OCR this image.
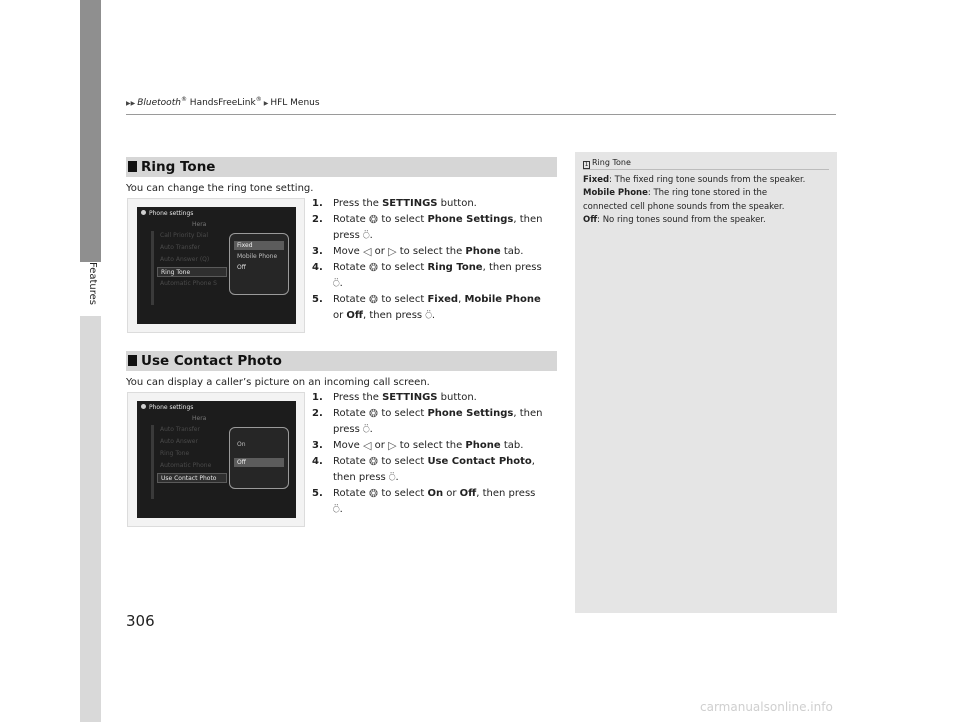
▶▶ Bluetooth® HandsFreeLink®▶ HFL Menus
Features
306
Ring Tone
You can change the ring tone setting.
Phone settings
Hera
Call Priority Dial
Auto Transfer
Auto Answer (Q)
Ring Tone
Automatic Phone S
Fixed
Mobile Phone
Off
1. Press the SETTINGS button.
2. Rotate ❂ to select Phone Settings, then
press ⍥.
3. Move ◁ or ▷ to select the Phone tab.
4. Rotate ❂ to select Ring Tone, then press
⍥.
5. Rotate ❂ to select Fixed, Mobile Phone
or Off, then press ⍥.
Use Contact Photo
You can display a caller’s picture on an incoming call screen.
Phone settings
Hera
Auto Transfer
Auto Answer
Ring Tone
Automatic Phone
Use Contact Photo
On
Off
1. Press the SETTINGS button.
2. Rotate ❂ to select Phone Settings, then
press ⍥.
3. Move ◁ or ▷ to select the Phone tab.
4. Rotate ❂ to select Use Contact Photo,
then press ⍥.
5. Rotate ❂ to select On or Off, then press
⍥.
1 Ring Tone

Fixed: The fixed ring tone sounds from the speaker.

Mobile Phone: The ring tone stored in the

connected cell phone sounds from the speaker.

Off: No ring tones sound from the speaker.

carmanualsonline.info
